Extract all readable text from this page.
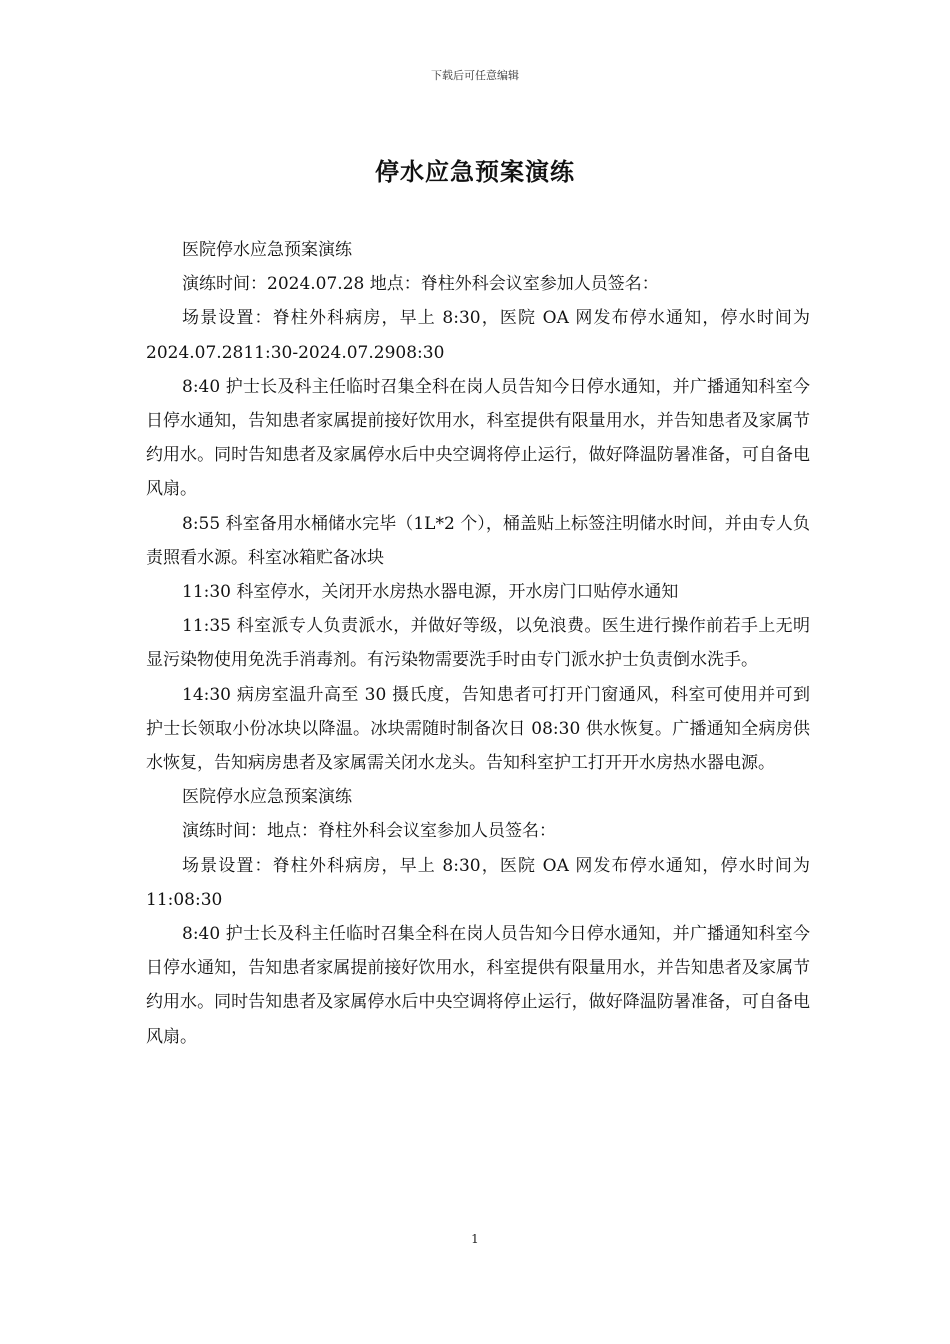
下载后可任意编辑
停水应急预案演练

医院停水应急预案演练

演练时间：2024.07.28 地点：脊柱外科会议室参加人员签名：

场景设置：脊柱外科病房，早上 8:30，医院 OA 网发布停水通知，停水时间为 2024.07.2811:30-2024.07.2908:30

8:40 护士长及科主任临时召集全科在岗人员告知今日停水通知，并广播通知科室今日停水通知，告知患者家属提前接好饮用水，科室提供有限量用水，并告知患者及家属节约用水。同时告知患者及家属停水后中央空调将停止运行，做好降温防暑准备，可自备电风扇。

8:55 科室备用水桶储水完毕（1L*2 个），桶盖贴上标签注明储水时间，并由专人负责照看水源。科室冰箱贮备冰块

11:30 科室停水，关闭开水房热水器电源，开水房门口贴停水通知

11:35 科室派专人负责派水，并做好等级，以免浪费。医生进行操作前若手上无明显污染物使用免洗手消毒剂。有污染物需要洗手时由专门派水护士负责倒水洗手。

14:30 病房室温升高至 30 摄氏度，告知患者可打开门窗通风，科室可使用并可到护士长领取小份冰块以降温。冰块需随时制备次日 08:30 供水恢复。广播通知全病房供水恢复，告知病房患者及家属需关闭水龙头。告知科室护工打开开水房热水器电源。

医院停水应急预案演练

演练时间：地点：脊柱外科会议室参加人员签名：

场景设置：脊柱外科病房，早上 8:30，医院 OA 网发布停水通知，停水时间为 11:08:30

8:40 护士长及科主任临时召集全科在岗人员告知今日停水通知，并广播通知科室今日停水通知，告知患者家属提前接好饮用水，科室提供有限量用水，并告知患者及家属节约用水。同时告知患者及家属停水后中央空调将停止运行，做好降温防暑准备，可自备电风扇。

1
